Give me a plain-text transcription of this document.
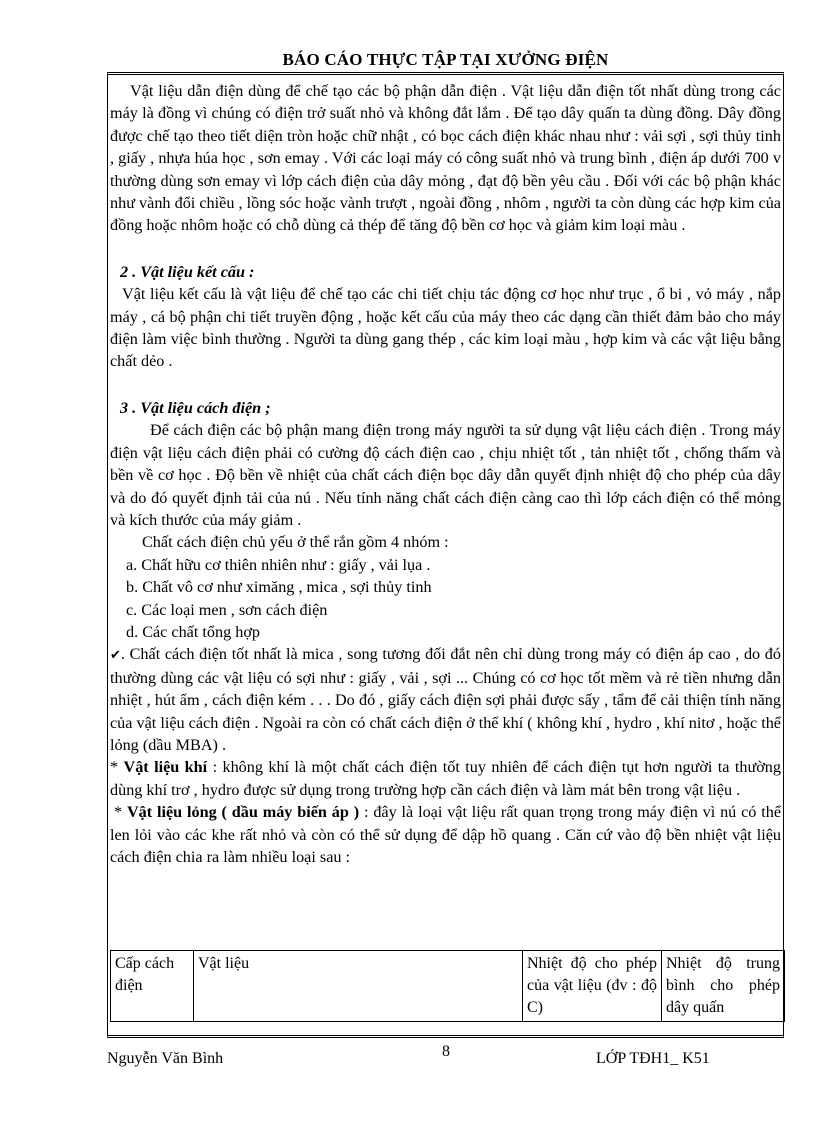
BÁO CÁO THỰC TẬP TẠI XƯỞNG ĐIỆN

Vật liệu dẫn điện dùng để chế tạo các bộ phận dẫn điện . Vật liệu dẫn điện tốt nhất dùng trong các máy là đồng vì chúng có điện trở suất nhỏ và không đắt lắm . Để tạo dây quấn ta dùng đồng. Dây đồng được chế tạo theo tiết diện tròn hoặc chữ nhật , có bọc cách điện khác nhau như : vải sợi , sợi thủy tinh , giấy , nhựa húa học , sơn emay . Với các loại máy có công suất nhỏ và trung bình , điện áp dưới 700 v thường dùng sơn emay vì lớp cách điện của dây mỏng , đạt độ bền yêu cầu . Đối với các bộ phận khác như vành đổi chiều , lồng sóc hoặc vành trượt , ngoài đồng , nhôm , người ta còn dùng các hợp kim của đồng hoặc nhôm hoặc có chỗ dùng cả thép để tăng độ bền cơ học và giảm kim loại màu .

2 . Vật liệu kết cấu :

Vật liệu kết cấu là vật liệu để chế tạo các chi tiết chịu tác động cơ học như trục , ổ bi , vỏ máy , nắp máy , cá bộ phận chi tiết truyền động , hoặc kết cấu của máy theo các dạng cần thiết đảm bảo cho máy điện làm việc bình thường . Người ta dùng gang thép , các kim loại màu , hợp kim và các vật liệu bằng chất dẻo .

3 . Vật liệu cách điện ;

Để cách điện các bộ phận mang điện trong máy người ta sử dụng vật liệu cách điện . Trong máy điện vật liệu cách điện phải có cường độ cách điện cao , chịu nhiệt tốt , tản nhiệt tốt , chống thấm và bền về cơ học . Độ bền về nhiệt của chất cách điện bọc dây dẫn quyết định nhiệt độ cho phép của dây và do đó quyết định tải của nú . Nếu tính năng chất cách điện càng cao thì lớp cách điện có thể mỏng và kích thước của máy giảm .

Chất cách điện chủ yếu ở thể rắn gồm 4 nhóm :

a. Chất hữu cơ thiên nhiên như : giấy , vải lụa .

b. Chất vô cơ như ximăng , mica , sợi thủy tinh

c. Các loại men , sơn cách điện

d. Các chất tổng hợp

✔. Chất cách điện tốt nhất là mica , song tương đối đắt nên chỉ dùng trong máy có điện áp cao , do đó thường dùng các vật liệu có sợi như : giấy , vải , sợi ... Chúng có cơ học tốt mềm và rẻ tiền nhưng dẫn nhiệt , hút ẩm , cách điện kém . . . Do đó , giấy cách điện sợi phải được sấy , tẩm để cải thiện tính năng của vật liệu cách điện . Ngoài ra còn có chất cách điện ở thể khí ( không khí , hydro , khí nitơ , hoặc thể lỏng (dầu MBA) .

* Vật liệu khí : không khí là một chất cách điện tốt tuy nhiên để cách điện tụt hơn người ta thường dùng khí trơ , hydro được sử dụng trong trường hợp cần cách điện và làm mát bên trong vật liệu .

* Vật liệu lỏng ( dầu máy biến áp ) : đây là loại vật liệu rất quan trọng trong máy điện vì nú có thể len lỏi vào các khe rất nhỏ và còn có thể sử dụng để dập hồ quang . Căn cứ vào độ bền nhiệt vật liệu cách điện chia ra làm nhiều loại sau :

Cấp cách điện	Vật liệu	Nhiệt độ cho phép của vật liệu (đv : độ C)	Nhiệt độ trung bình cho phép dây quấn
Nguyễn Văn Bình	8	LỚP TĐH1_ K51
